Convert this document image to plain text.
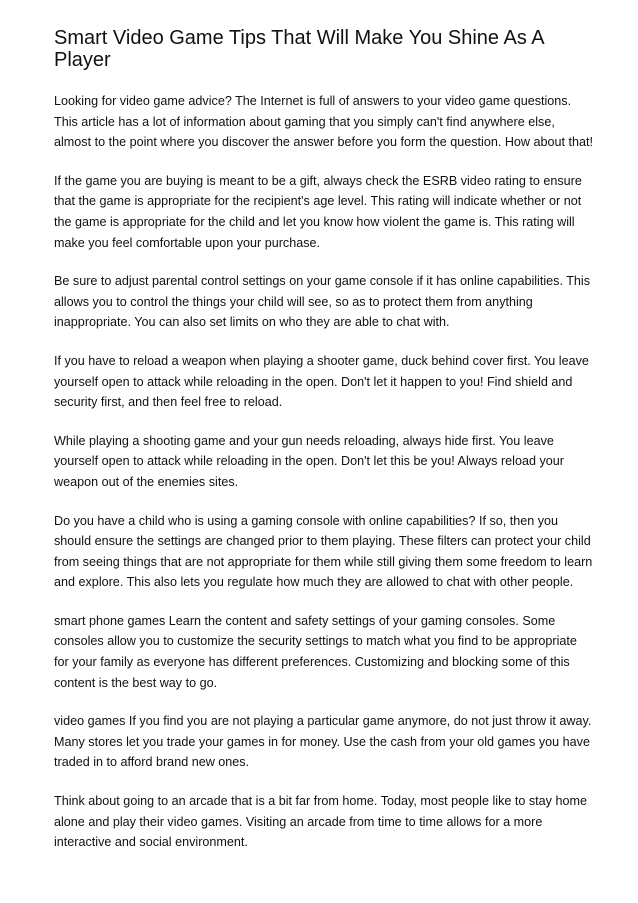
Smart Video Game Tips That Will Make You Shine As A Player

Looking for video game advice? The Internet is full of answers to your video game questions. This article has a lot of information about gaming that you simply can't find anywhere else, almost to the point where you discover the answer before you form the question. How about that!

If the game you are buying is meant to be a gift, always check the ESRB video rating to ensure that the game is appropriate for the recipient's age level. This rating will indicate whether or not the game is appropriate for the child and let you know how violent the game is. This rating will make you feel comfortable upon your purchase.

Be sure to adjust parental control settings on your game console if it has online capabilities. This allows you to control the things your child will see, so as to protect them from anything inappropriate. You can also set limits on who they are able to chat with.

If you have to reload a weapon when playing a shooter game, duck behind cover first. You leave yourself open to attack while reloading in the open. Don't let it happen to you! Find shield and security first, and then feel free to reload.

While playing a shooting game and your gun needs reloading, always hide first. You leave yourself open to attack while reloading in the open. Don't let this be you! Always reload your weapon out of the enemies sites.

Do you have a child who is using a gaming console with online capabilities? If so, then you should ensure the settings are changed prior to them playing. These filters can protect your child from seeing things that are not appropriate for them while still giving them some freedom to learn and explore. This also lets you regulate how much they are allowed to chat with other people.

smart phone games Learn the content and safety settings of your gaming consoles. Some consoles allow you to customize the security settings to match what you find to be appropriate for your family as everyone has different preferences. Customizing and blocking some of this content is the best way to go.

video games If you find you are not playing a particular game anymore, do not just throw it away. Many stores let you trade your games in for money. Use the cash from your old games you have traded in to afford brand new ones.

Think about going to an arcade that is a bit far from home. Today, most people like to stay home alone and play their video games. Visiting an arcade from time to time allows for a more interactive and social environment.
